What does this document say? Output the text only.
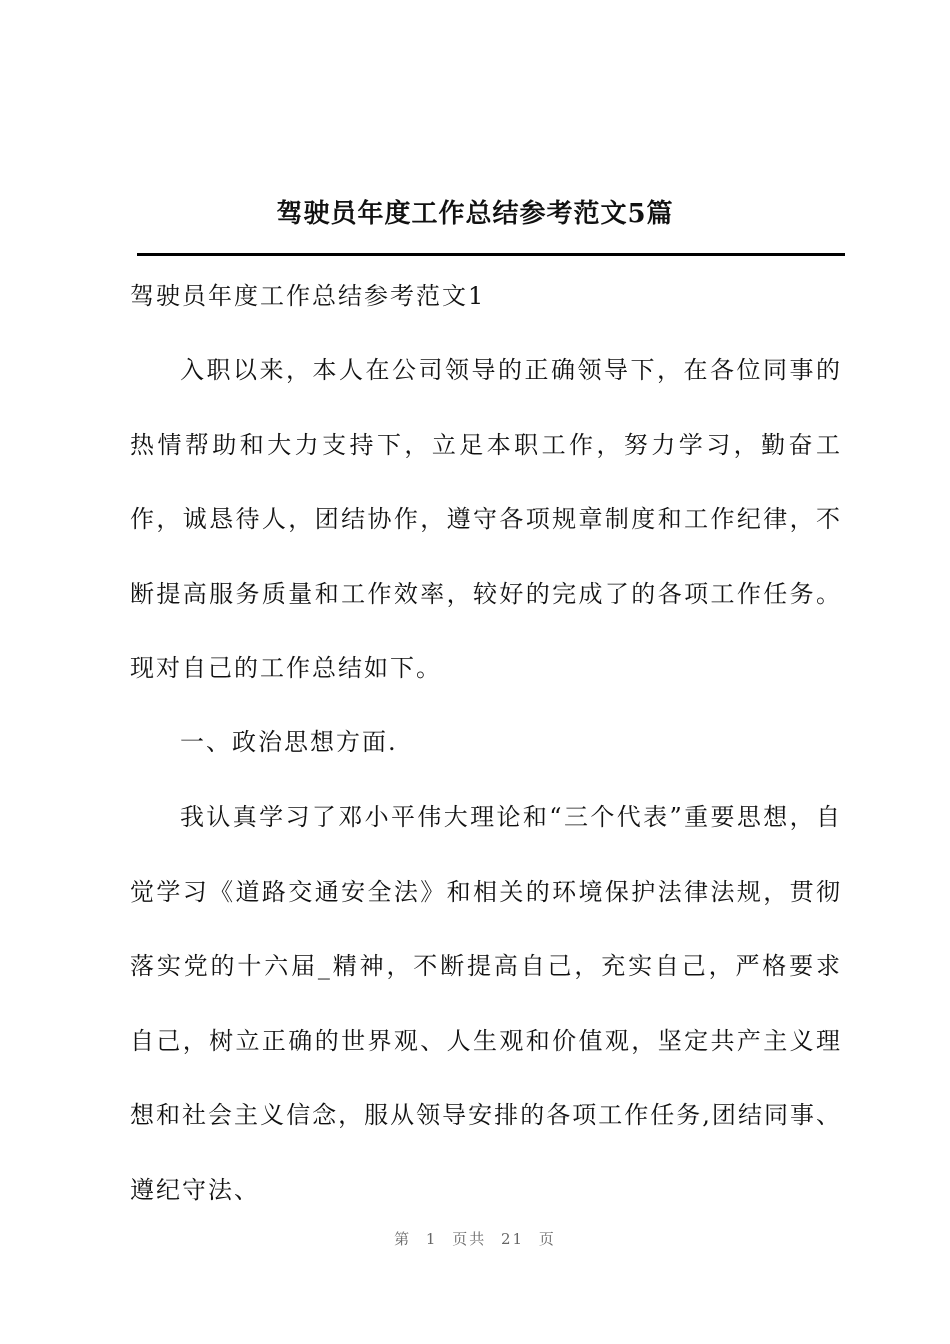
驾驶员年度工作总结参考范文5篇
驾驶员年度工作总结参考范文1

入职以来，本人在公司领导的正确领导下，在各位同事的热情帮助和大力支持下，立足本职工作，努力学习，勤奋工作，诚恳待人，团结协作，遵守各项规章制度和工作纪律，不断提高服务质量和工作效率，较好的完成了的各项工作任务。现对自己的工作总结如下。

一、政治思想方面.

我认真学习了邓小平伟大理论和“三个代表”重要思想，自觉学习《道路交通安全法》和相关的环境保护法律法规，贯彻落实党的十六届_精神，不断提高自己，充实自己，严格要求自己，树立正确的世界观、人生观和价值观，坚定共产主义理想和社会主义信念，服从领导安排的各项工作任务,团结同事、遵纪守法、

第 1 页共 21 页
